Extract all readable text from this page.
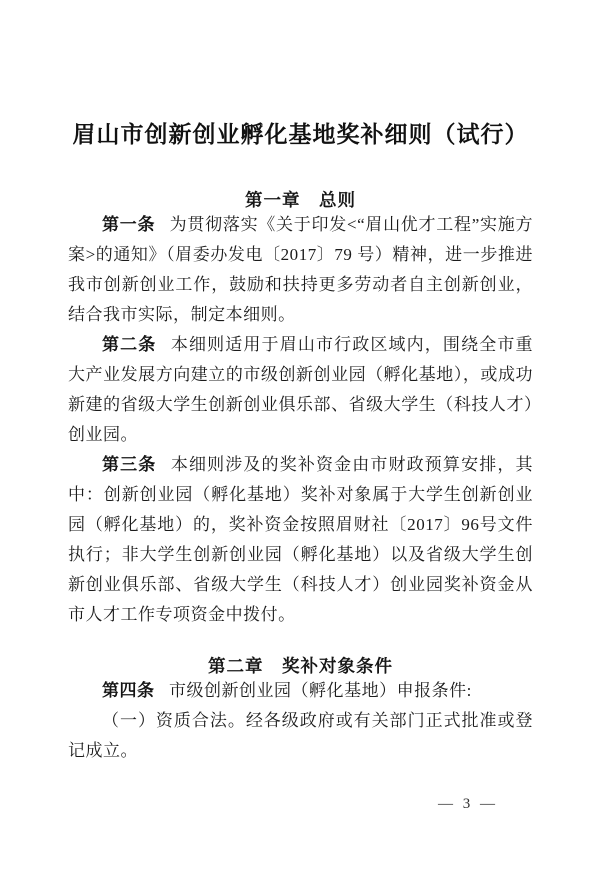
眉山市创新创业孵化基地奖补细则（试行）
第一章　总则

第一条 为贯彻落实《关于印发<“眉山优才工程”实施方案>的通知》（眉委办发电〔2017〕79 号）精神，进一步推进我市创新创业工作，鼓励和扶持更多劳动者自主创新创业，结合我市实际，制定本细则。

第二条 本细则适用于眉山市行政区域内，围绕全市重大产业发展方向建立的市级创新创业园（孵化基地），或成功新建的省级大学生创新创业俱乐部、省级大学生（科技人才）创业园。

第三条 本细则涉及的奖补资金由市财政预算安排，其中：创新创业园（孵化基地）奖补对象属于大学生创新创业园（孵化基地）的，奖补资金按照眉财社〔2017〕96号文件执行；非大学生创新创业园（孵化基地）以及省级大学生创新创业俱乐部、省级大学生（科技人才）创业园奖补资金从市人才工作专项资金中拨付。

第二章　奖补对象条件

第四条 市级创新创业园（孵化基地）申报条件:

（一）资质合法。经各级政府或有关部门正式批准或登记成立。

— 3 —
